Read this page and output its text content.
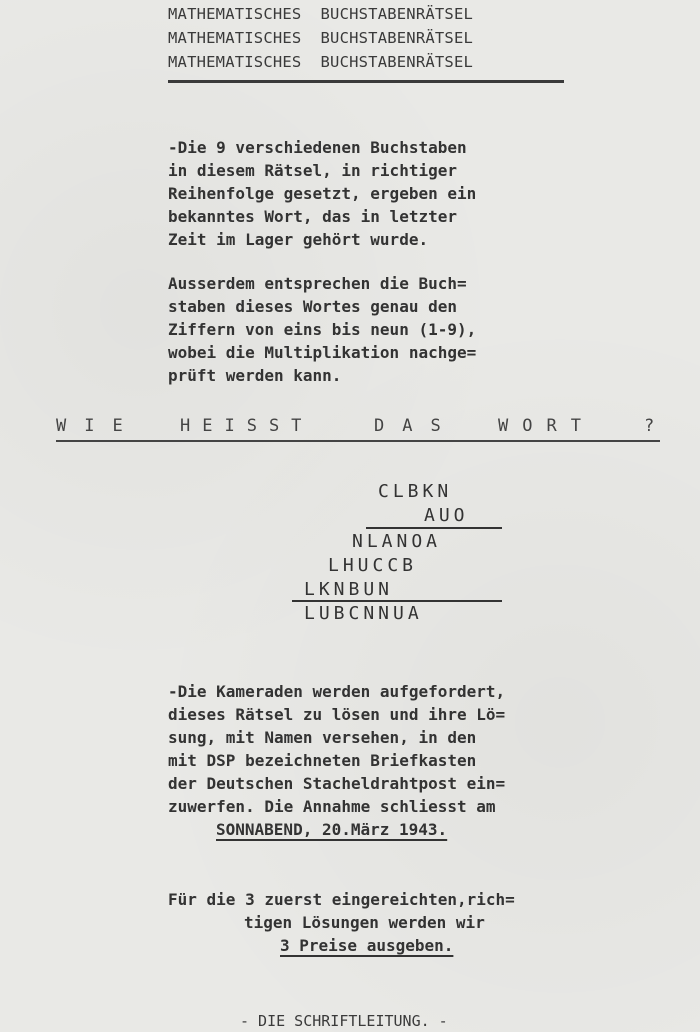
MATHEMATISCHES  BUCHSTABENRÄTSEL
MATHEMATISCHES  BUCHSTABENRÄTSEL
MATHEMATISCHES  BUCHSTABENRÄTSEL
-Die 9 verschiedenen Buchstaben
in diesem Rätsel, in richtiger
Reihenfolge gesetzt, ergeben ein
bekanntes Wort, das in letzter
Zeit im Lager gehört wurde.
Ausserdem entsprechen die Buch=
staben dieses Wortes genau den
Ziffern von eins bis neun (1-9),
wobei die Multiplikation nachge=
prüft werden kann.
WIE HEISST	DAS WORT	?
CLBKN
AUO
NLANOA
LHUCCB
LKNBUN
LUBCNNUA
-Die Kameraden werden aufgefordert,
dieses Rätsel zu lösen und ihre Lö=
sung, mit Namen versehen, in den
mit DSP bezeichneten Briefkasten
der Deutschen Stacheldrahtpost ein=
zuwerfen. Die Annahme schliesst am
SONNABEND, 20.März 1943.
Für die 3 zuerst eingereichten,rich=
tigen Lösungen werden wir
3 Preise ausgeben.
- DIE SCHRIFTLEITUNG. -
